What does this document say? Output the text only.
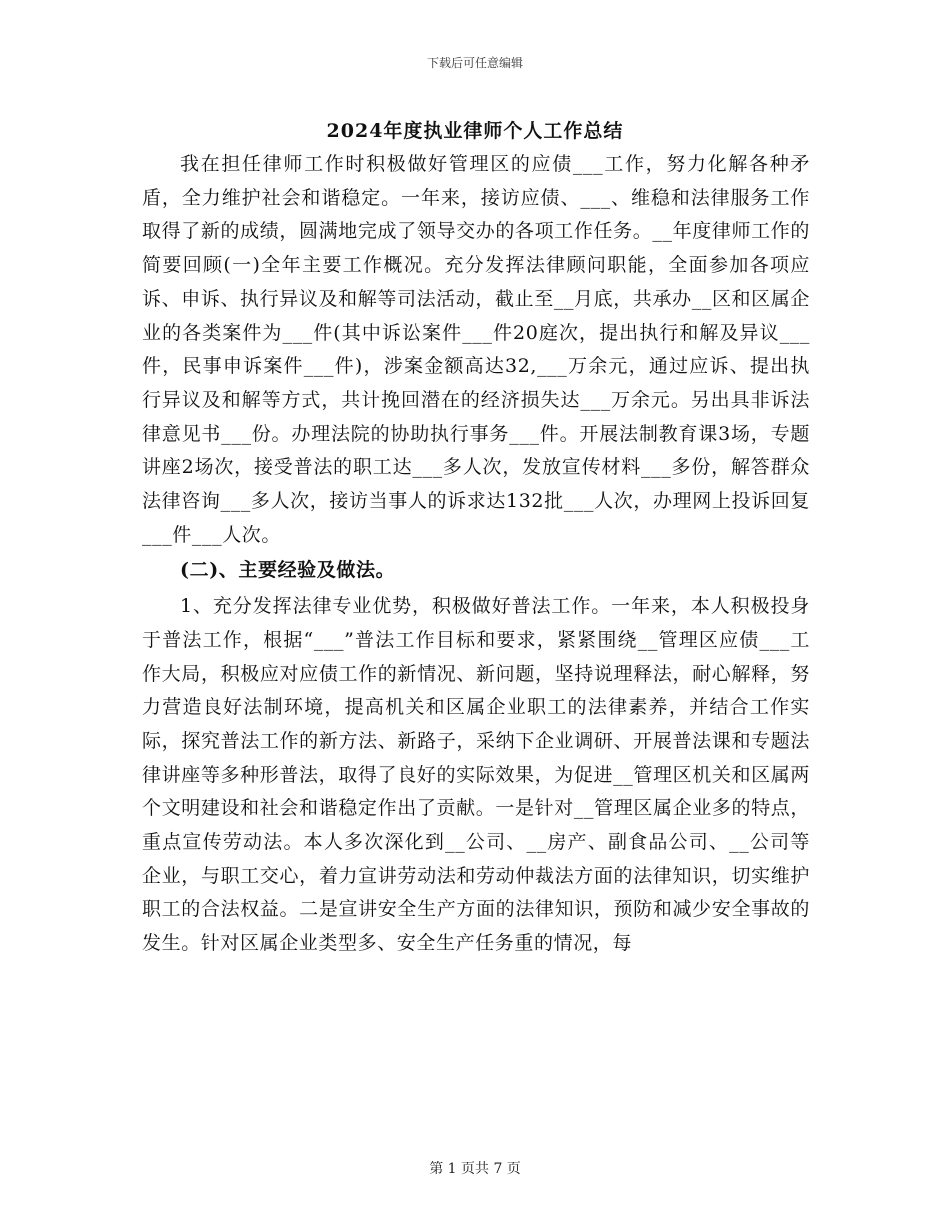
下载后可任意编辑
2024年度执业律师个人工作总结

我在担任律师工作时积极做好管理区的应债___工作，努力化解各种矛盾，全力维护社会和谐稳定。一年来，接访应债、___、维稳和法律服务工作取得了新的成绩，圆满地完成了领导交办的各项工作任务。__年度律师工作的简要回顾(一)全年主要工作概况。充分发挥法律顾问职能，全面参加各项应诉、申诉、执行异议及和解等司法活动，截止至__月底，共承办__区和区属企业的各类案件为___件(其中诉讼案件___件20庭次，提出执行和解及异议___件，民事申诉案件___件)，涉案金额高达32,___万余元，通过应诉、提出执行异议及和解等方式，共计挽回潜在的经济损失达___万余元。另出具非诉法律意见书___份。办理法院的协助执行事务___件。开展法制教育课3场，专题讲座2场次，接受普法的职工达___多人次，发放宣传材料___多份，解答群众法律咨询___多人次，接访当事人的诉求达132批___人次，办理网上投诉回复___件___人次。

(二)、主要经验及做法。

1、充分发挥法律专业优势，积极做好普法工作。一年来，本人积极投身于普法工作，根据“___”普法工作目标和要求，紧紧围绕__管理区应债___工作大局，积极应对应债工作的新情况、新问题，坚持说理释法，耐心解释，努力营造良好法制环境，提高机关和区属企业职工的法律素养，并结合工作实际，探究普法工作的新方法、新路子，采纳下企业调研、开展普法课和专题法律讲座等多种形普法，取得了良好的实际效果，为促进__管理区机关和区属两个文明建设和社会和谐稳定作出了贡献。一是针对__管理区属企业多的特点，重点宣传劳动法。本人多次深化到__公司、__房产、副食品公司、__公司等企业，与职工交心，着力宣讲劳动法和劳动仲裁法方面的法律知识，切实维护职工的合法权益。二是宣讲安全生产方面的法律知识，预防和减少安全事故的发生。针对区属企业类型多、安全生产任务重的情况，每

第 1 页共 7 页
